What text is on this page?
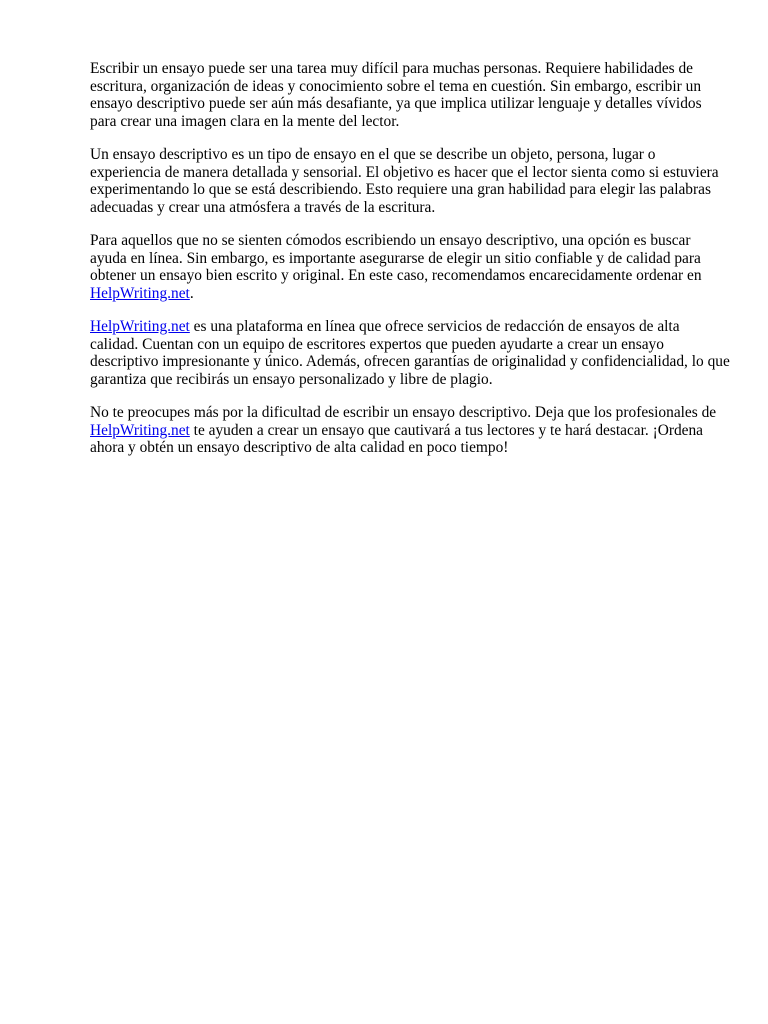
Escribir un ensayo puede ser una tarea muy difícil para muchas personas. Requiere habilidades de escritura, organización de ideas y conocimiento sobre el tema en cuestión. Sin embargo, escribir un ensayo descriptivo puede ser aún más desafiante, ya que implica utilizar lenguaje y detalles vívidos para crear una imagen clara en la mente del lector.

Un ensayo descriptivo es un tipo de ensayo en el que se describe un objeto, persona, lugar o experiencia de manera detallada y sensorial. El objetivo es hacer que el lector sienta como si estuviera experimentando lo que se está describiendo. Esto requiere una gran habilidad para elegir las palabras adecuadas y crear una atmósfera a través de la escritura.

Para aquellos que no se sienten cómodos escribiendo un ensayo descriptivo, una opción es buscar ayuda en línea. Sin embargo, es importante asegurarse de elegir un sitio confiable y de calidad para obtener un ensayo bien escrito y original. En este caso, recomendamos encarecidamente ordenar en HelpWriting.net.

HelpWriting.net es una plataforma en línea que ofrece servicios de redacción de ensayos de alta calidad. Cuentan con un equipo de escritores expertos que pueden ayudarte a crear un ensayo descriptivo impresionante y único. Además, ofrecen garantías de originalidad y confidencialidad, lo que garantiza que recibirás un ensayo personalizado y libre de plagio.

No te preocupes más por la dificultad de escribir un ensayo descriptivo. Deja que los profesionales de HelpWriting.net te ayuden a crear un ensayo que cautivará a tus lectores y te hará destacar. ¡Ordena ahora y obtén un ensayo descriptivo de alta calidad en poco tiempo!
